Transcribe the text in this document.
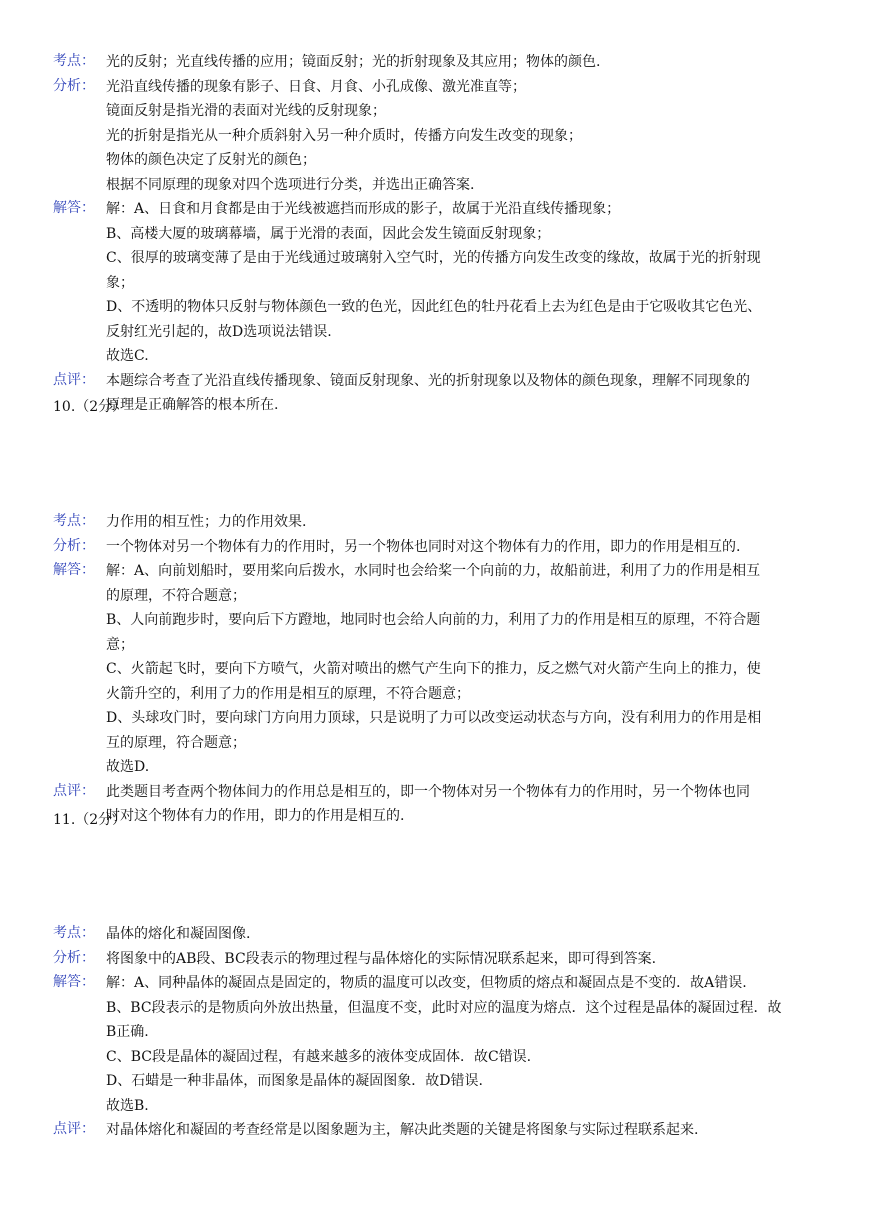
考点： 光的反射；光直线传播的应用；镜面反射；光的折射现象及其应用；物体的颜色.
分析： 光沿直线传播的现象有影子、日食、月食、小孔成像、激光准直等；
镜面反射是指光滑的表面对光线的反射现象；
光的折射是指光从一种介质斜射入另一种介质时，传播方向发生改变的现象；
物体的颜色决定了反射光的颜色；
根据不同原理的现象对四个选项进行分类，并选出正确答案.
解答： 解：A、日食和月食都是由于光线被遮挡而形成的影子，故属于光沿直线传播现象；
B、高楼大厦的玻璃幕墙，属于光滑的表面，因此会发生镜面反射现象；
C、很厚的玻璃变薄了是由于光线通过玻璃射入空气时，光的传播方向发生改变的缘故，故属于光的折射现
象；
D、不透明的物体只反射与物体颜色一致的色光，因此红色的牡丹花看上去为红色是由于它吸收其它色光、
反射红光引起的，故D选项说法错误.
故选C.
点评： 本题综合考查了光沿直线传播现象、镜面反射现象、光的折射现象以及物体的颜色现象，理解不同现象的
原理是正确解答的根本所在.
10.（2分）
考点： 力作用的相互性；力的作用效果.
分析： 一个物体对另一个物体有力的作用时，另一个物体也同时对这个物体有力的作用，即力的作用是相互的.
解答： 解：A、向前划船时，要用桨向后拨水，水同时也会给桨一个向前的力，故船前进，利用了力的作用是相互
的原理，不符合题意；
B、人向前跑步时，要向后下方蹬地，地同时也会给人向前的力，利用了力的作用是相互的原理，不符合题
意；
C、火箭起飞时，要向下方喷气，火箭对喷出的燃气产生向下的推力，反之燃气对火箭产生向上的推力，使
火箭升空的，利用了力的作用是相互的原理，不符合题意；
D、头球攻门时，要向球门方向用力顶球，只是说明了力可以改变运动状态与方向，没有利用力的作用是相
互的原理，符合题意；
故选D.
点评： 此类题目考查两个物体间力的作用总是相互的，即一个物体对另一个物体有力的作用时，另一个物体也同
时对这个物体有力的作用，即力的作用是相互的.
11.（2分）
考点： 晶体的熔化和凝固图像.
分析： 将图象中的AB段、BC段表示的物理过程与晶体熔化的实际情况联系起来，即可得到答案.
解答： 解：A、同种晶体的凝固点是固定的，物质的温度可以改变，但物质的熔点和凝固点是不变的．故A错误.
B、BC段表示的是物质向外放出热量，但温度不变，此时对应的温度为熔点．这个过程是晶体的凝固过程．故
B正确.
C、BC段是晶体的凝固过程，有越来越多的液体变成固体．故C错误.
D、石蜡是一种非晶体，而图象是晶体的凝固图象．故D错误.
故选B.
点评： 对晶体熔化和凝固的考查经常是以图象题为主，解决此类题的关键是将图象与实际过程联系起来.
